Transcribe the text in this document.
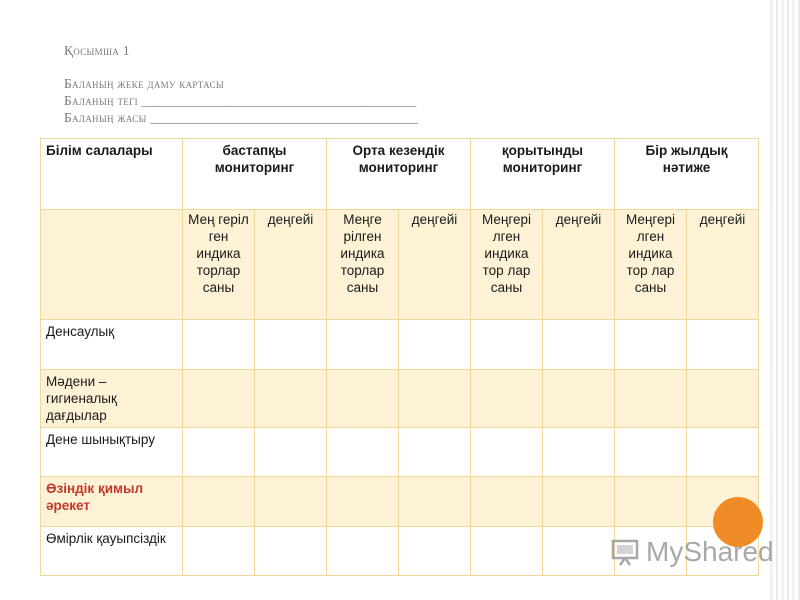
Қосымша 1
Баланың жеке даму картасы
Баланың тегі _______________________________________
Баланың жасы ______________________________________
Білім салалары	бастапқы мониторинг		Орта кезендік мониторинг		қорытынды мониторинг		Бір жылдық нәтиже	
	Мең герiл ген индика торлар саны	деңгейi	Меңге рiлген индика торлар саны	деңгейi	Меңгерi лген индика тор лар саны	деңгейi	Меңгерi лген индика тор лар саны	деңгейi
Денсаулық								
Мәдени – гигиеналық дағдылар								
Дене шынықтыру								
Өзіндік қимыл әрекет								
Өмірлік қауыпсіздік									MyShared
